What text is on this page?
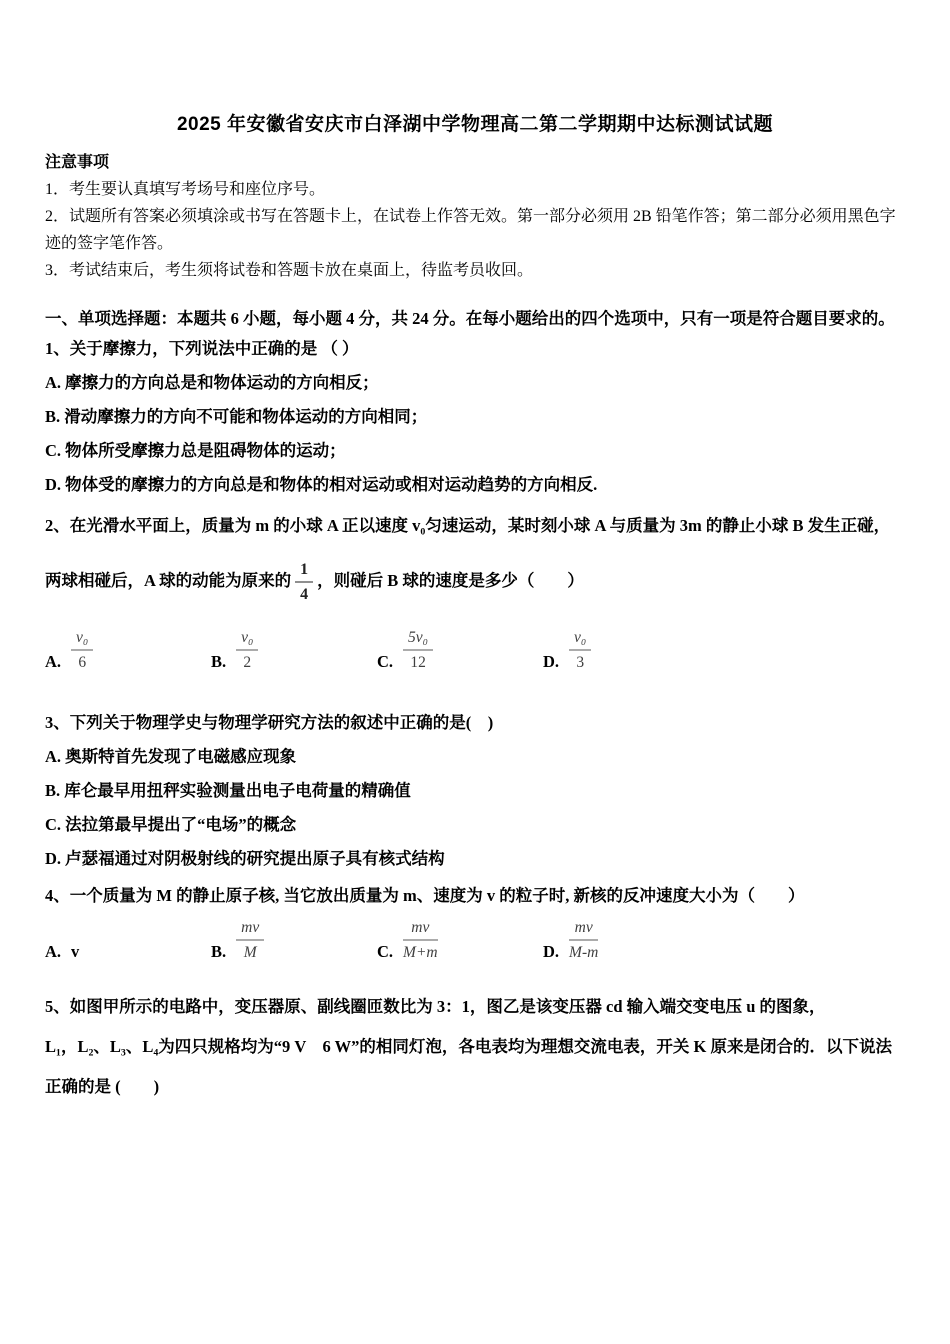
2025 年安徽省安庆市白泽湖中学物理高二第二学期期中达标测试试题
注意事项

1．考生要认真填写考场号和座位序号。

2．试题所有答案必须填涂或书写在答题卡上，在试卷上作答无效。第一部分必须用 2B 铅笔作答；第二部分必须用黑色字迹的签字笔作答。

3．考试结束后，考生须将试卷和答题卡放在桌面上，待监考员收回。

一、单项选择题：本题共 6 小题，每小题 4 分，共 24 分。在每小题给出的四个选项中，只有一项是符合题目要求的。

1、关于摩擦力，下列说法中正确的是 （ ）

A. 摩擦力的方向总是和物体运动的方向相反；

B. 滑动摩擦力的方向不可能和物体运动的方向相同；

C. 物体所受摩擦力总是阻碍物体的运动；

D. 物体受的摩擦力的方向总是和物体的相对运动或相对运动趋势的方向相反.

2、在光滑水平面上，质量为 m 的小球 A 正以速度 v₀匀速运动，某时刻小球 A 与质量为 3m 的静止小球 B 发生正碰，

两球相碰后，A 球的动能为原来的 $\frac{1}{4}$ ，则碰后 B 球的速度是多少（　　）

A. $\frac{\text{v₀}}{6}$	B. $\frac{\text{v₀}}{2}$	C. $\frac{\text{5v₀}}{12}$	D. $\frac{\text{v₀}}{3}$

3、下列关于物理学史与物理学研究方法的叙述中正确的是(　)

A. 奥斯特首先发现了电磁感应现象

B. 库仑最早用扭秤实验测量出电子电荷量的精确值

C. 法拉第最早提出了“电场”的概念

D. 卢瑟福通过对阴极射线的研究提出原子具有核式结构

4、一个质量为 M 的静止原子核, 当它放出质量为 m、速度为 v 的粒子时, 新核的反冲速度大小为（　　）

A. v	B. $\frac{mv}{M}$	C. $\frac{mv}{M+m}$	D. $\frac{mv}{M-m}$

5、如图甲所示的电路中，变压器原、副线圈匝数比为 3：1，图乙是该变压器 cd 输入端交变电压 u 的图象，

L₁，L₂、L₃、L₄为四只规格均为“9 V　6 W”的相同灯泡，各电表均为理想交流电表，开关 K 原来是闭合的．以下说法

正确的是 (　　)
